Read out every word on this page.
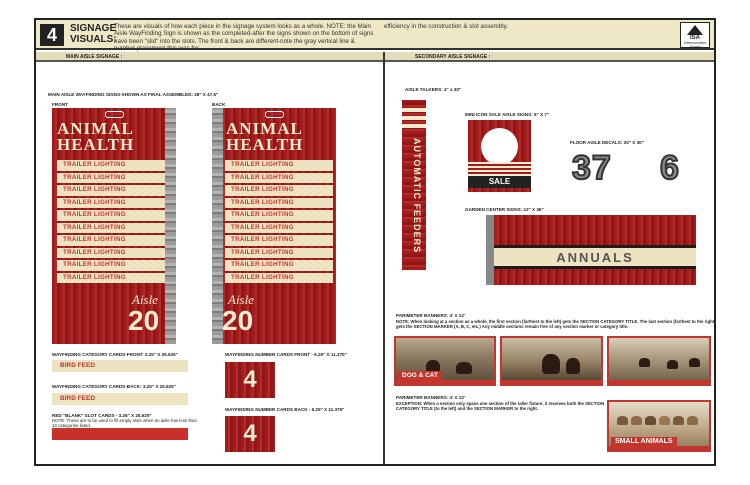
4	SIGNAGE VISUALS:
These are visuals of how each piece in the signage system looks as a whole. NOTE: the Main Aisle WayFinding Sign is shown as the completed-after the signs shown on the bottom of signs have been "slid" into the slots. The front & back are different-note the gray vertical line & number placement-this was for
efficiency in the construction & slot assembly.
ISA
Intermountain Supply
MAIN AISLE SIGNAGE :	SECONDARY AISLE SIGNAGE :
MAIN AISLE WAYFINDING SIGNS-SHOWN AS FINAL ASSEMBLED: 28" X 47.5"
FRONT	BACK
◦◦◦◦
ANIMAL
HEALTH
TRAILER LIGHTING
TRAILER LIGHTING
TRAILER LIGHTING
TRAILER LIGHTING
TRAILER LIGHTING
TRAILER LIGHTING
TRAILER LIGHTING
TRAILER LIGHTING
TRAILER LIGHTING
TRAILER LIGHTING
Aisle
20
◦◦◦◦
ANIMAL
HEALTH
TRAILER LIGHTING
TRAILER LIGHTING
TRAILER LIGHTING
TRAILER LIGHTING
TRAILER LIGHTING
TRAILER LIGHTING
TRAILER LIGHTING
TRAILER LIGHTING
TRAILER LIGHTING
TRAILER LIGHTING
Aisle
20
WAYFINDING CATEGORY CARDS-FRONT: 3.25" X 25.625"
BIRD FEED
WAYFINDING CATEGORY CARDS-BACK: 3.25" X 25.625"
BIRD FEED
RED "BLANK" SLOT CARDS - 3.25" X 25.625"
NOTE: These are to be used to fill empty slots when an aisle has less than 10 categories listed.
WAYFINDING NUMBER CARDS FRONT - 6.25" X 11.375"
4
WAYFINDING NUMBER CARDS BACK - 6.25" X 11.375"
4
AISLE TALKERS: 4" x 30"
AUTOMATIC FEEDERS
MINI ICON SALE AISLE SIGNS: 6" X 7"
SALE
FLOOR AISLE DECALS: 30" X 30"
37 6
GARDEN CENTER SIGNS: 12" X 36"
ANNUALS
PARIMETER BANNERS: 4' X 12'
NOTE: When looking at a section as a whole, the first section (farthest to the left) gets the SECTION CATEGORY TITLE. The last section (farthest to the right) gets the SECTION MARKER (A, B, C, etc.) Any middle sections remain free of any section marker or category title.
DOG & CAT
PARIMETER BANNERS: 4' X 12'
EXCEPTION: When a section only spans one section of the taller fixture, it receives both the SECTION CATEGORY TITLE (to the left) and the SECTION MARKER to the right.
SMALL ANIMALS
